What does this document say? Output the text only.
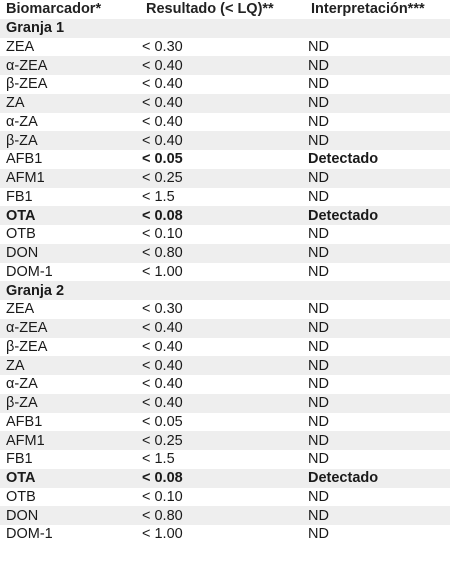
Biomarcador*	Resultado (< LQ)**	Interpretación***
Granja 1		
ZEA	< 0.30	ND
α-ZEA	< 0.40	ND
β-ZEA	< 0.40	ND
ZA	< 0.40	ND
α-ZA	< 0.40	ND
β-ZA	< 0.40	ND
AFB1	< 0.05	Detectado
AFM1	< 0.25	ND
FB1	< 1.5	ND
OTA	< 0.08	Detectado
OTB	< 0.10	ND
DON	< 0.80	ND
DOM-1	< 1.00	ND
Granja 2		
ZEA	< 0.30	ND
α-ZEA	< 0.40	ND
β-ZEA	< 0.40	ND
ZA	< 0.40	ND
α-ZA	< 0.40	ND
β-ZA	< 0.40	ND
AFB1	< 0.05	ND
AFM1	< 0.25	ND
FB1	< 1.5	ND
OTA	< 0.08	Detectado
OTB	< 0.10	ND
DON	< 0.80	ND
DOM-1	< 1.00	ND
